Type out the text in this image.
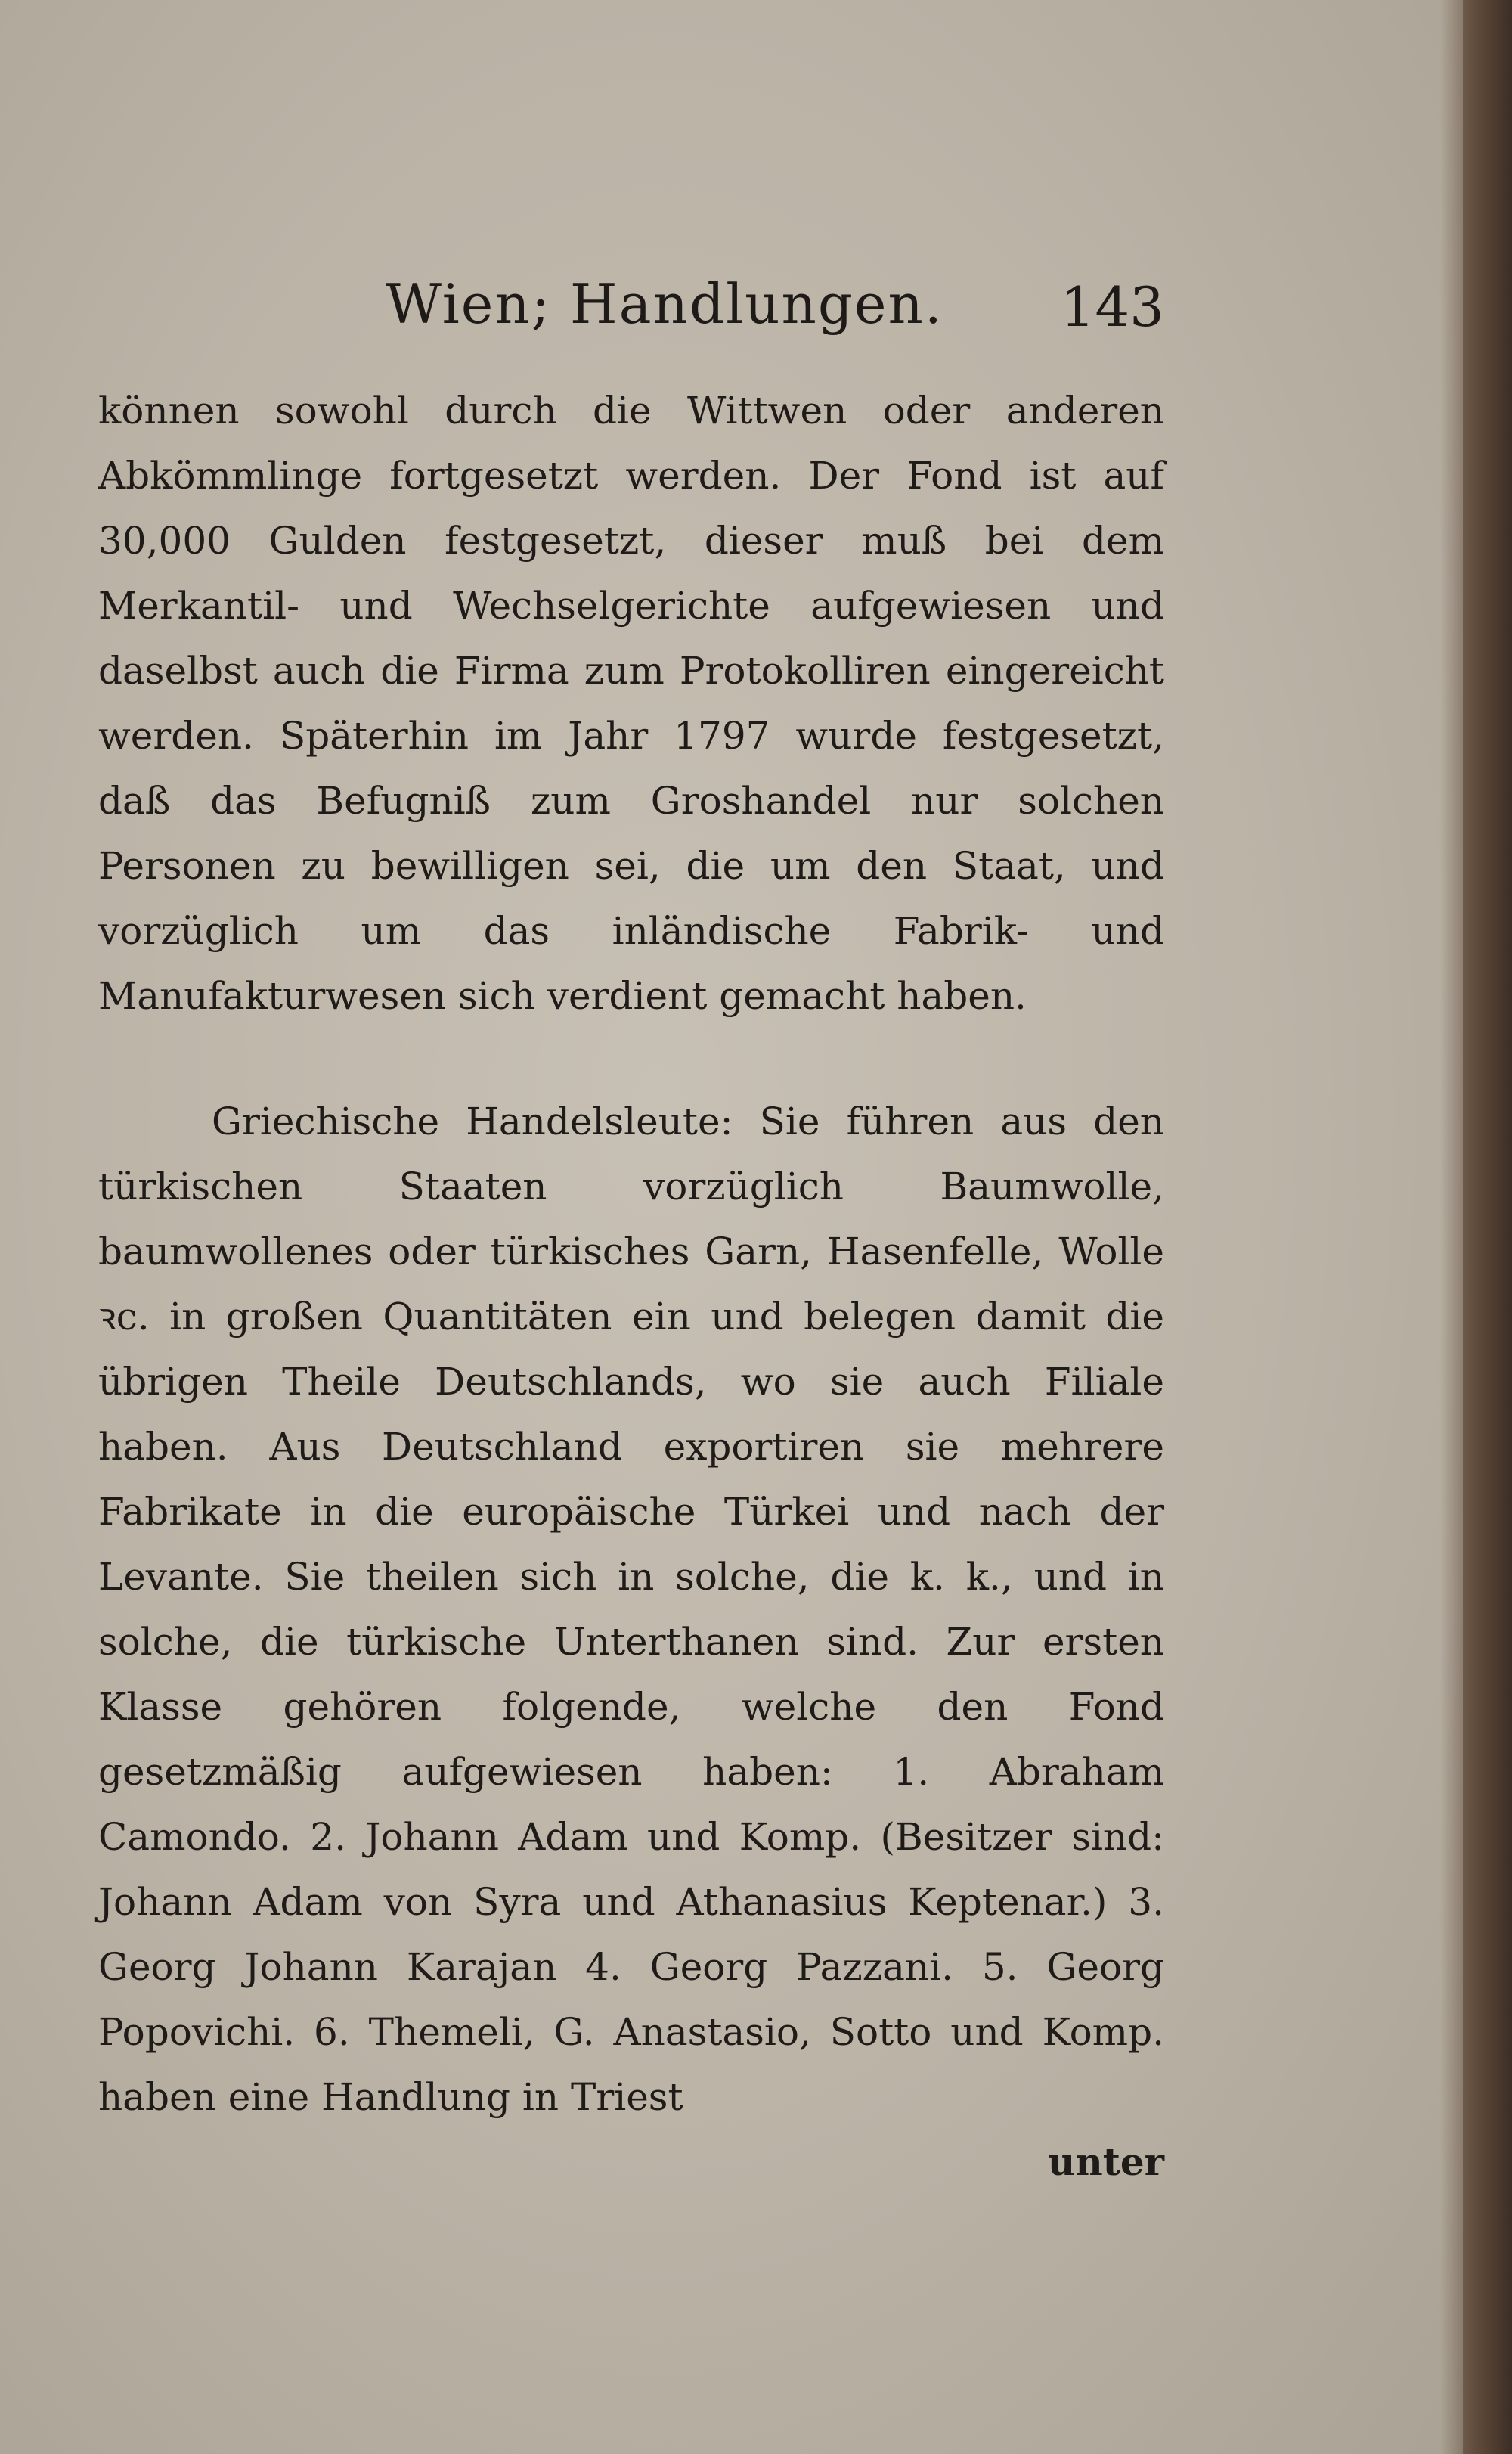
Wien; Handlungen. 143

können sowohl durch die Wittwen oder anderen Abkömmlinge fortgesetzt werden. Der Fond ist auf 30,000 Gulden festgesetzt, dieser muß bei dem Merkantil- und Wechselgerichte aufgewiesen und daselbst auch die Firma zum Protokolliren eingereicht werden. Späterhin im Jahr 1797 wurde festgesetzt, daß das Befugniß zum Groshandel nur solchen Personen zu bewilligen sei, die um den Staat, und vorzüglich um das inländische Fabrik- und Manufakturwesen sich verdient gemacht haben.

Griechische Handelsleute: Sie führen aus den türkischen Staaten vorzüglich Baumwolle, baumwollenes oder türkisches Garn, Hasenfelle, Wolle ꝛc. in großen Quantitäten ein und belegen damit die übrigen Theile Deutschlands, wo sie auch Filiale haben. Aus Deutschland exportiren sie mehrere Fabrikate in die europäische Türkei und nach der Levante. Sie theilen sich in solche, die k. k., und in solche, die türkische Unterthanen sind. Zur ersten Klasse gehören folgende, welche den Fond gesetzmäßig aufgewiesen haben: 1. Abraham Camondo. 2. Johann Adam und Komp. (Besitzer sind: Johann Adam von Syra und Athanasius Keptenar.) 3. Georg Johann Karajan 4. Georg Pazzani. 5. Georg Popovichi. 6. Themeli, G. Anastasio, Sotto und Komp. haben eine Handlung in Triest
unter
